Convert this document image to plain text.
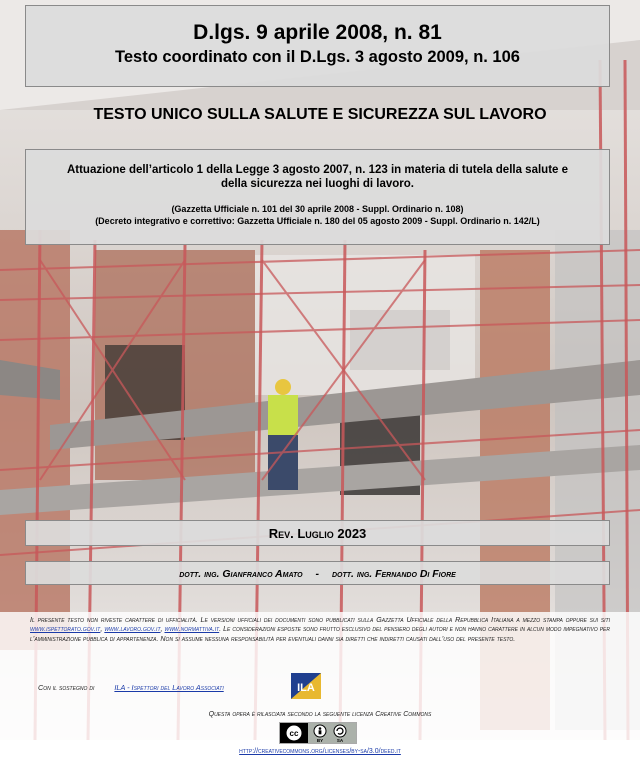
D.lgs. 9 aprile 2008, n. 81
Testo coordinato con il D.Lgs. 3 agosto 2009, n. 106
TESTO UNICO SULLA SALUTE E SICUREZZA SUL LAVORO
Attuazione dell’articolo 1 della Legge 3 agosto 2007, n. 123 in materia di tutela della salute e della sicurezza nei luoghi di lavoro.
(Gazzetta Ufficiale n. 101 del 30 aprile 2008 - Suppl. Ordinario n. 108)
(Decreto integrativo e correttivo: Gazzetta Ufficiale n. 180 del 05 agosto 2009 - Suppl. Ordinario n. 142/L)
Rev. Luglio 2023
dott. ing. Gianfranco Amato - dott. ing. Fernando Di Fiore
Il presente testo non riveste carattere di ufficialità. Le versioni ufficiali dei documenti sono pubblicati sulla Gazzetta Ufficiale della Repubblica Italiana a mezzo stampa oppure sui siti www.ispettorato.gov.it, www.lavoro.gov.it, www.normattiva.it. Le considerazioni esposte sono frutto esclusivo del pensiero degli autori e non hanno carattere in alcun modo impegnativo per l’amministrazione pubblica di appartenenza. Non si assume nessuna responsabilità per eventuali danni sia diretti che indiretti causati dall’uso del presente testo.
Con il sostegno di	ILA - Ispettori del Lavoro Associati	ILA
Questa opera è rilasciata secondo la seguente licenza Creative Commons
cc
BY	SA
http://creativecommons.org/licenses/by-sa/3.0/deed.it
